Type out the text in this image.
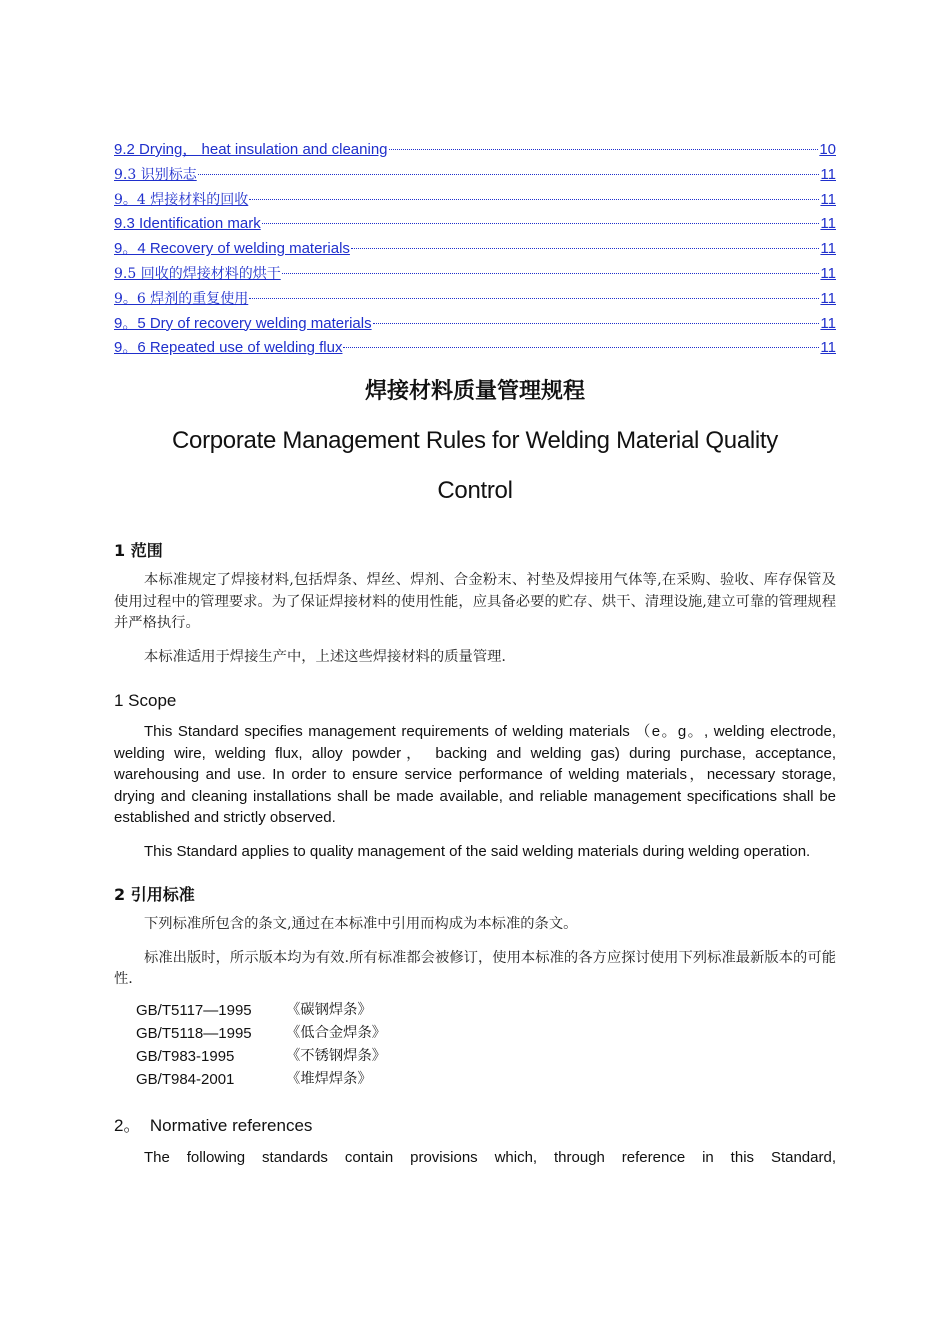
9.2 Drying， heat insulation and cleaning	10
9.3 识别标志	11
9。4 焊接材料的回收	11
9.3 Identification mark	11
9。4 Recovery of welding materials	11
9.5 回收的焊接材料的烘干	11
9。6 焊剂的重复使用	11
9。5 Dry of recovery welding materials	11
9。6 Repeated use of welding flux	11
焊接材料质量管理规程
Corporate Management Rules for Welding Material Quality
Control
1 范围

本标准规定了焊接材料,包括焊条、焊丝、焊剂、合金粉末、衬垫及焊接用气体等,在采购、验收、库存保管及使用过程中的管理要求。为了保证焊接材料的使用性能，应具备必要的贮存、烘干、清理设施,建立可靠的管理规程并严格执行。

本标准适用于焊接生产中，上述这些焊接材料的质量管理.

1 Scope

This Standard specifies management requirements of welding materials （e。g。, welding electrode, welding wire, welding flux, alloy powder， backing and welding gas) during purchase, acceptance, warehousing and use. In order to ensure service performance of welding materials，necessary storage, drying and cleaning installations shall be made available, and reliable management specifications shall be established and strictly observed.

This Standard applies to quality management of the said welding materials during welding operation.

2 引用标准

下列标准所包含的条文,通过在本标准中引用而构成为本标准的条文。

标准出版时，所示版本均为有效.所有标准都会被修订，使用本标准的各方应探讨使用下列标准最新版本的可能性.

GB/T5117—1995	《碳钢焊条》
GB/T5118—1995	《低合金焊条》
GB/T983-1995	《不锈钢焊条》
GB/T984-2001	《堆焊焊条》
2。  Normative references

The following standards contain provisions which, through reference in this Standard,
